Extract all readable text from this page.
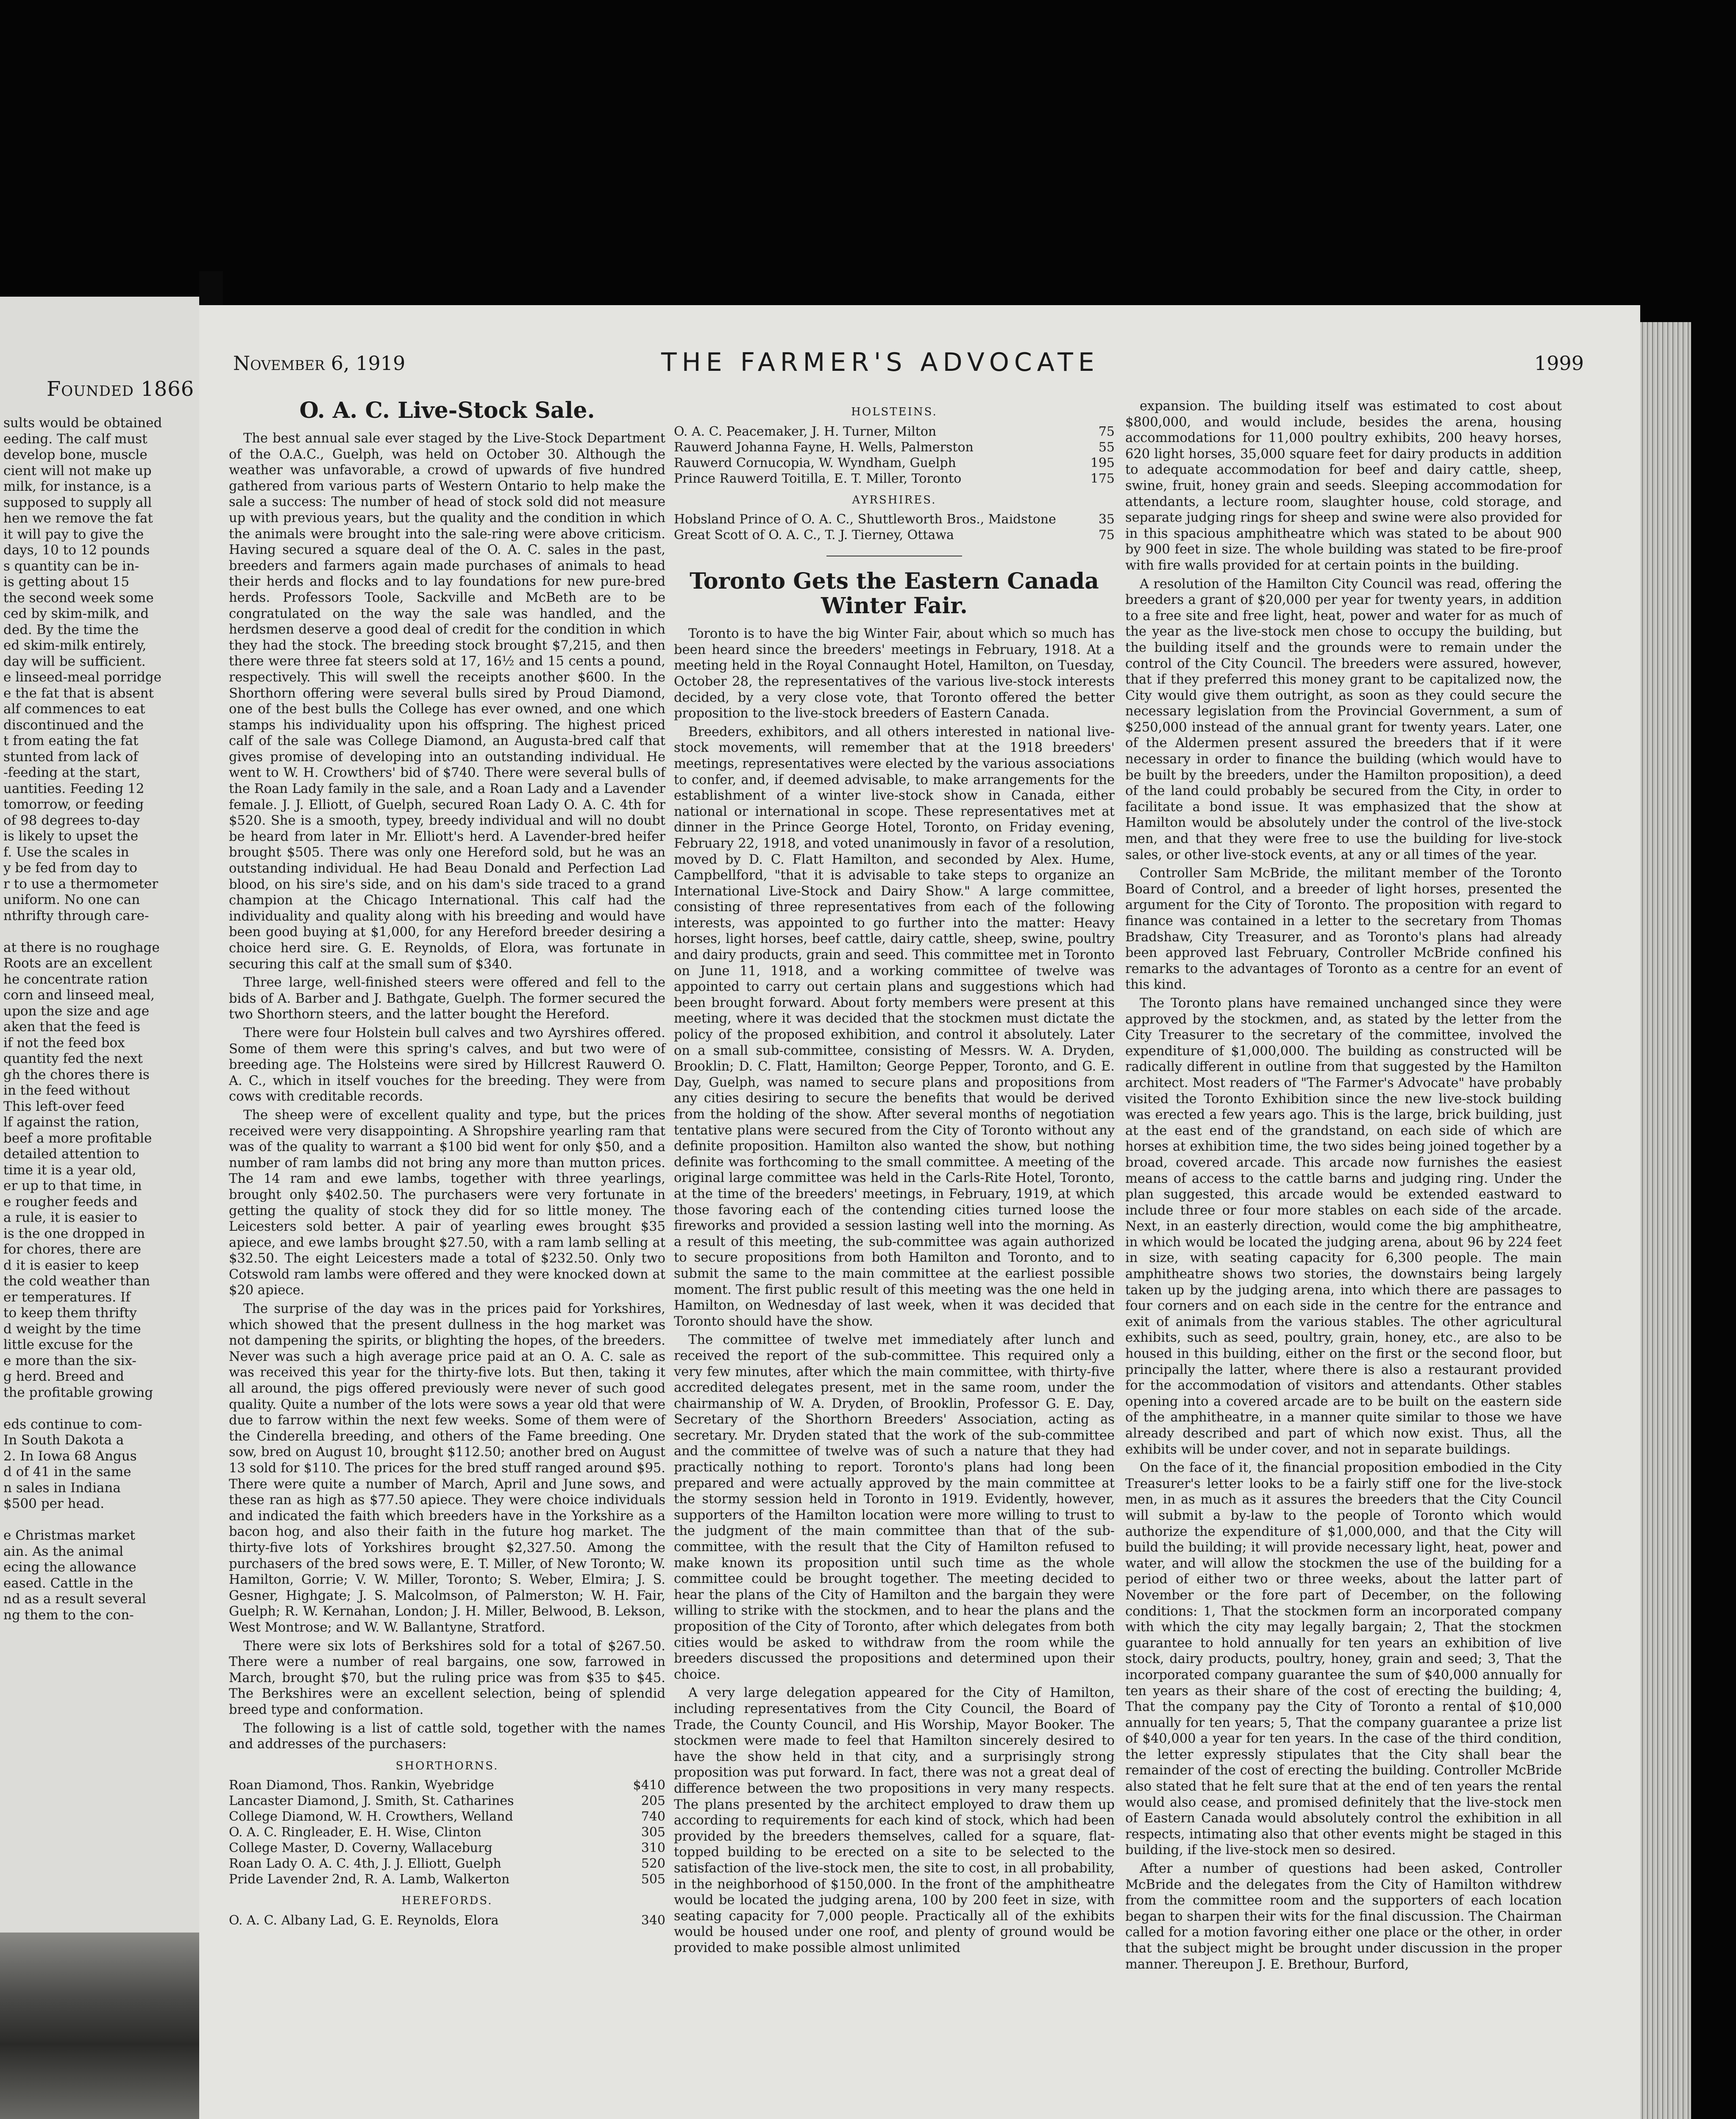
Founded 1866
sults would be obtained
eeding. The calf must
develop bone, muscle
cient will not make up
milk, for instance, is a
supposed to supply all
hen we remove the fat
it will pay to give the
days, 10 to 12 pounds
s quantity can be in-
is getting about 15
the second week some
ced by skim-milk, and
ded. By the time the
ed skim-milk entirely,
day will be sufficient.
e linseed-meal porridge
e the fat that is absent
alf commences to eat
discontinued and the
t from eating the fat
stunted from lack of
-feeding at the start,
uantities. Feeding 12
tomorrow, or feeding
of 98 degrees to-day
is likely to upset the
f. Use the scales in
y be fed from day to
r to use a thermometer
uniform. No one can
nthrifty through care-
at there is no roughage
Roots are an excellent
he concentrate ration
corn and linseed meal,
upon the size and age
aken that the feed is
if not the feed box
quantity fed the next
gh the chores there is
in the feed without
This left-over feed
lf against the ration,
beef a more profitable
detailed attention to
time it is a year old,
er up to that time, in
e rougher feeds and
a rule, it is easier to
is the one dropped in
for chores, there are
d it is easier to keep
the cold weather than
er temperatures. If
to keep them thrifty
d weight by the time
little excuse for the
e more than the six-
g herd. Breed and
the profitable growing
eds continue to com-
In South Dakota a
2. In Iowa 68 Angus
d of 41 in the same
n sales in Indiana
$500 per head.
e Christmas market
ain. As the animal
ecing the allowance
eased. Cattle in the
nd as a result several
ng them to the con-
November 6, 1919	THE FARMER'S ADVOCATE	1999
O. A. C. Live-Stock Sale.

The best annual sale ever staged by the Live-Stock Department of the O.A.C., Guelph, was held on October 30. Although the weather was unfavorable, a crowd of upwards of five hundred gathered from various parts of Western Ontario to help make the sale a success: The number of head of stock sold did not measure up with previous years, but the quality and the condition in which the animals were brought into the sale-ring were above criticism. Having secured a square deal of the O. A. C. sales in the past, breeders and farmers again made purchases of animals to head their herds and flocks and to lay foundations for new pure-bred herds. Professors Toole, Sackville and McBeth are to be congratulated on the way the sale was handled, and the herdsmen deserve a good deal of credit for the condition in which they had the stock. The breeding stock brought $7,215, and then there were three fat steers sold at 17, 16½ and 15 cents a pound, respectively. This will swell the receipts another $600. In the Shorthorn offering were several bulls sired by Proud Diamond, one of the best bulls the College has ever owned, and one which stamps his individuality upon his offspring. The highest priced calf of the sale was College Diamond, an Augusta-bred calf that gives promise of developing into an outstanding individual. He went to W. H. Crowthers' bid of $740. There were several bulls of the Roan Lady family in the sale, and a Roan Lady and a Lavender female. J. J. Elliott, of Guelph, secured Roan Lady O. A. C. 4th for $520. She is a smooth, typey, breedy individual and will no doubt be heard from later in Mr. Elliott's herd. A Lavender-bred heifer brought $505. There was only one Hereford sold, but he was an outstanding individual. He had Beau Donald and Perfection Lad blood, on his sire's side, and on his dam's side traced to a grand champion at the Chicago International. This calf had the individuality and quality along with his breeding and would have been good buying at $1,000, for any Hereford breeder desiring a choice herd sire. G. E. Reynolds, of Elora, was fortunate in securing this calf at the small sum of $340.

Three large, well-finished steers were offered and fell to the bids of A. Barber and J. Bathgate, Guelph. The former secured the two Shorthorn steers, and the latter bought the Hereford.

There were four Holstein bull calves and two Ayrshires offered. Some of them were this spring's calves, and but two were of breeding age. The Holsteins were sired by Hillcrest Rauwerd O. A. C., which in itself vouches for the breeding. They were from cows with creditable records.

The sheep were of excellent quality and type, but the prices received were very disappointing. A Shropshire yearling ram that was of the quality to warrant a $100 bid went for only $50, and a number of ram lambs did not bring any more than mutton prices. The 14 ram and ewe lambs, together with three yearlings, brought only $402.50. The purchasers were very fortunate in getting the quality of stock they did for so little money. The Leicesters sold better. A pair of yearling ewes brought $35 apiece, and ewe lambs brought $27.50, with a ram lamb selling at $32.50. The eight Leicesters made a total of $232.50. Only two Cotswold ram lambs were offered and they were knocked down at $20 apiece.

The surprise of the day was in the prices paid for Yorkshires, which showed that the present dullness in the hog market was not dampening the spirits, or blighting the hopes, of the breeders. Never was such a high average price paid at an O. A. C. sale as was received this year for the thirty-five lots. But then, taking it all around, the pigs offered previously were never of such good quality. Quite a number of the lots were sows a year old that were due to farrow within the next few weeks. Some of them were of the Cinderella breeding, and others of the Fame breeding. One sow, bred on August 10, brought $112.50; another bred on August 13 sold for $110. The prices for the bred stuff ranged around $95. There were quite a number of March, April and June sows, and these ran as high as $77.50 apiece. They were choice individuals and indicated the faith which breeders have in the Yorkshire as a bacon hog, and also their faith in the future hog market. The thirty-five lots of Yorkshires brought $2,327.50. Among the purchasers of the bred sows were, E. T. Miller, of New Toronto; W. Hamilton, Gorrie; V. W. Miller, Toronto; S. Weber, Elmira; J. S. Gesner, Highgate; J. S. Malcolmson, of Palmerston; W. H. Fair, Guelph; R. W. Kernahan, London; J. H. Miller, Belwood, B. Lekson, West Montrose; and W. W. Ballantyne, Stratford.

There were six lots of Berkshires sold for a total of $267.50. There were a number of real bargains, one sow, farrowed in March, brought $70, but the ruling price was from $35 to $45. The Berkshires were an excellent selection, being of splendid breed type and conformation.

The following is a list of cattle sold, together with the names and addresses of the purchasers:

SHORTHORNS.
Roan Diamond, Thos. Rankin, Wyebridge	$410
Lancaster Diamond, J. Smith, St. Catharines	205
College Diamond, W. H. Crowthers, Welland	740
O. A. C. Ringleader, E. H. Wise, Clinton	305
College Master, D. Coverny, Wallaceburg	310
Roan Lady O. A. C. 4th, J. J. Elliott, Guelph	520
Pride Lavender 2nd, R. A. Lamb, Walkerton	505
HEREFORDS.
O. A. C. Albany Lad, G. E. Reynolds, Elora	340
HOLSTEINS.
O. A. C. Peacemaker, J. H. Turner, Milton	75
Rauwerd Johanna Fayne, H. Wells, Palmerston	55
Rauwerd Cornucopia, W. Wyndham, Guelph	195
Prince Rauwerd Toitilla, E. T. Miller, Toronto	175
AYRSHIRES.
Hobsland Prince of O. A. C., Shuttleworth Bros., Maidstone	35
Great Scott of O. A. C., T. J. Tierney, Ottawa	75
Toronto Gets the Eastern Canada Winter Fair.

Toronto is to have the big Winter Fair, about which so much has been heard since the breeders' meetings in February, 1918. At a meeting held in the Royal Connaught Hotel, Hamilton, on Tuesday, October 28, the representatives of the various live-stock interests decided, by a very close vote, that Toronto offered the better proposition to the live-stock breeders of Eastern Canada.

Breeders, exhibitors, and all others interested in national live-stock movements, will remember that at the 1918 breeders' meetings, representatives were elected by the various associations to confer, and, if deemed advisable, to make arrangements for the establishment of a winter live-stock show in Canada, either national or international in scope. These representatives met at dinner in the Prince George Hotel, Toronto, on Friday evening, February 22, 1918, and voted unanimously in favor of a resolution, moved by D. C. Flatt Hamilton, and seconded by Alex. Hume, Campbellford, "that it is advisable to take steps to organize an International Live-Stock and Dairy Show." A large committee, consisting of three representatives from each of the following interests, was appointed to go further into the matter: Heavy horses, light horses, beef cattle, dairy cattle, sheep, swine, poultry and dairy products, grain and seed. This committee met in Toronto on June 11, 1918, and a working committee of twelve was appointed to carry out certain plans and suggestions which had been brought forward. About forty members were present at this meeting, where it was decided that the stockmen must dictate the policy of the proposed exhibition, and control it absolutely. Later on a small sub-committee, consisting of Messrs. W. A. Dryden, Brooklin; D. C. Flatt, Hamilton; George Pepper, Toronto, and G. E. Day, Guelph, was named to secure plans and propositions from any cities desiring to secure the benefits that would be derived from the holding of the show. After several months of negotiation tentative plans were secured from the City of Toronto without any definite proposition. Hamilton also wanted the show, but nothing definite was forthcoming to the small committee. A meeting of the original large committee was held in the Carls-Rite Hotel, Toronto, at the time of the breeders' meetings, in February, 1919, at which those favoring each of the contending cities turned loose the fireworks and provided a session lasting well into the morning. As a result of this meeting, the sub-committee was again authorized to secure propositions from both Hamilton and Toronto, and to submit the same to the main committee at the earliest possible moment. The first public result of this meeting was the one held in Hamilton, on Wednesday of last week, when it was decided that Toronto should have the show.

The committee of twelve met immediately after lunch and received the report of the sub-committee. This required only a very few minutes, after which the main committee, with thirty-five accredited delegates present, met in the same room, under the chairmanship of W. A. Dryden, of Brooklin, Professor G. E. Day, Secretary of the Shorthorn Breeders' Association, acting as secretary. Mr. Dryden stated that the work of the sub-committee and the committee of twelve was of such a nature that they had practically nothing to report. Toronto's plans had long been prepared and were actually approved by the main committee at the stormy session held in Toronto in 1919. Evidently, however, supporters of the Hamilton location were more willing to trust to the judgment of the main committee than that of the sub-committee, with the result that the City of Hamilton refused to make known its proposition until such time as the whole committee could be brought together. The meeting decided to hear the plans of the City of Hamilton and the bargain they were willing to strike with the stockmen, and to hear the plans and the proposition of the City of Toronto, after which delegates from both cities would be asked to withdraw from the room while the breeders discussed the propositions and determined upon their choice.

A very large delegation appeared for the City of Hamilton, including representatives from the City Council, the Board of Trade, the County Council, and His Worship, Mayor Booker. The stockmen were made to feel that Hamilton sincerely desired to have the show held in that city, and a surprisingly strong proposition was put forward. In fact, there was not a great deal of difference between the two propositions in very many respects. The plans presented by the architect employed to draw them up according to requirements for each kind of stock, which had been provided by the breeders themselves, called for a square, flat-topped building to be erected on a site to be selected to the satisfaction of the live-stock men, the site to cost, in all probability, in the neighborhood of $150,000. In the front of the amphitheatre would be located the judging arena, 100 by 200 feet in size, with seating capacity for 7,000 people. Practically all of the exhibits would be housed under one roof, and plenty of ground would be provided to make possible almost unlimited

expansion. The building itself was estimated to cost about $800,000, and would include, besides the arena, housing accommodations for 11,000 poultry exhibits, 200 heavy horses, 620 light horses, 35,000 square feet for dairy products in addition to adequate accommodation for beef and dairy cattle, sheep, swine, fruit, honey grain and seeds. Sleeping accommodation for attendants, a lecture room, slaughter house, cold storage, and separate judging rings for sheep and swine were also provided for in this spacious amphitheatre which was stated to be about 900 by 900 feet in size. The whole building was stated to be fire-proof with fire walls provided for at certain points in the building.

A resolution of the Hamilton City Council was read, offering the breeders a grant of $20,000 per year for twenty years, in addition to a free site and free light, heat, power and water for as much of the year as the live-stock men chose to occupy the building, but the building itself and the grounds were to remain under the control of the City Council. The breeders were assured, however, that if they preferred this money grant to be capitalized now, the City would give them outright, as soon as they could secure the necessary legislation from the Provincial Government, a sum of $250,000 instead of the annual grant for twenty years. Later, one of the Aldermen present assured the breeders that if it were necessary in order to finance the building (which would have to be built by the breeders, under the Hamilton proposition), a deed of the land could probably be secured from the City, in order to facilitate a bond issue. It was emphasized that the show at Hamilton would be absolutely under the control of the live-stock men, and that they were free to use the building for live-stock sales, or other live-stock events, at any or all times of the year.

Controller Sam McBride, the militant member of the Toronto Board of Control, and a breeder of light horses, presented the argument for the City of Toronto. The proposition with regard to finance was contained in a letter to the secretary from Thomas Bradshaw, City Treasurer, and as Toronto's plans had already been approved last February, Controller McBride confined his remarks to the advantages of Toronto as a centre for an event of this kind.

The Toronto plans have remained unchanged since they were approved by the stockmen, and, as stated by the letter from the City Treasurer to the secretary of the committee, involved the expenditure of $1,000,000. The building as constructed will be radically different in outline from that suggested by the Hamilton architect. Most readers of "The Farmer's Advocate" have probably visited the Toronto Exhibition since the new live-stock building was erected a few years ago. This is the large, brick building, just at the east end of the grandstand, on each side of which are horses at exhibition time, the two sides being joined together by a broad, covered arcade. This arcade now furnishes the easiest means of access to the cattle barns and judging ring. Under the plan suggested, this arcade would be extended eastward to include three or four more stables on each side of the arcade. Next, in an easterly direction, would come the big amphitheatre, in which would be located the judging arena, about 96 by 224 feet in size, with seating capacity for 6,300 people. The main amphitheatre shows two stories, the downstairs being largely taken up by the judging arena, into which there are passages to four corners and on each side in the centre for the entrance and exit of animals from the various stables. The other agricultural exhibits, such as seed, poultry, grain, honey, etc., are also to be housed in this building, either on the first or the second floor, but principally the latter, where there is also a restaurant provided for the accommodation of visitors and attendants. Other stables opening into a covered arcade are to be built on the eastern side of the amphitheatre, in a manner quite similar to those we have already described and part of which now exist. Thus, all the exhibits will be under cover, and not in separate buildings.

On the face of it, the financial proposition embodied in the City Treasurer's letter looks to be a fairly stiff one for the live-stock men, in as much as it assures the breeders that the City Council will submit a by-law to the people of Toronto which would authorize the expenditure of $1,000,000, and that the City will build the building; it will provide necessary light, heat, power and water, and will allow the stockmen the use of the building for a period of either two or three weeks, about the latter part of November or the fore part of December, on the following conditions: 1, That the stockmen form an incorporated company with which the city may legally bargain; 2, That the stockmen guarantee to hold annually for ten years an exhibition of live stock, dairy products, poultry, honey, grain and seed; 3, That the incorporated company guarantee the sum of $40,000 annually for ten years as their share of the cost of erecting the building; 4, That the company pay the City of Toronto a rental of $10,000 annually for ten years; 5, That the company guarantee a prize list of $40,000 a year for ten years. In the case of the third condition, the letter expressly stipulates that the City shall bear the remainder of the cost of erecting the building. Controller McBride also stated that he felt sure that at the end of ten years the rental would also cease, and promised definitely that the live-stock men of Eastern Canada would absolutely control the exhibition in all respects, intimating also that other events might be staged in this building, if the live-stock men so desired.

After a number of questions had been asked, Controller McBride and the delegates from the City of Hamilton withdrew from the committee room and the supporters of each location began to sharpen their wits for the final discussion. The Chairman called for a motion favoring either one place or the other, in order that the subject might be brought under discussion in the proper manner. Thereupon J. E. Brethour, Burford,
